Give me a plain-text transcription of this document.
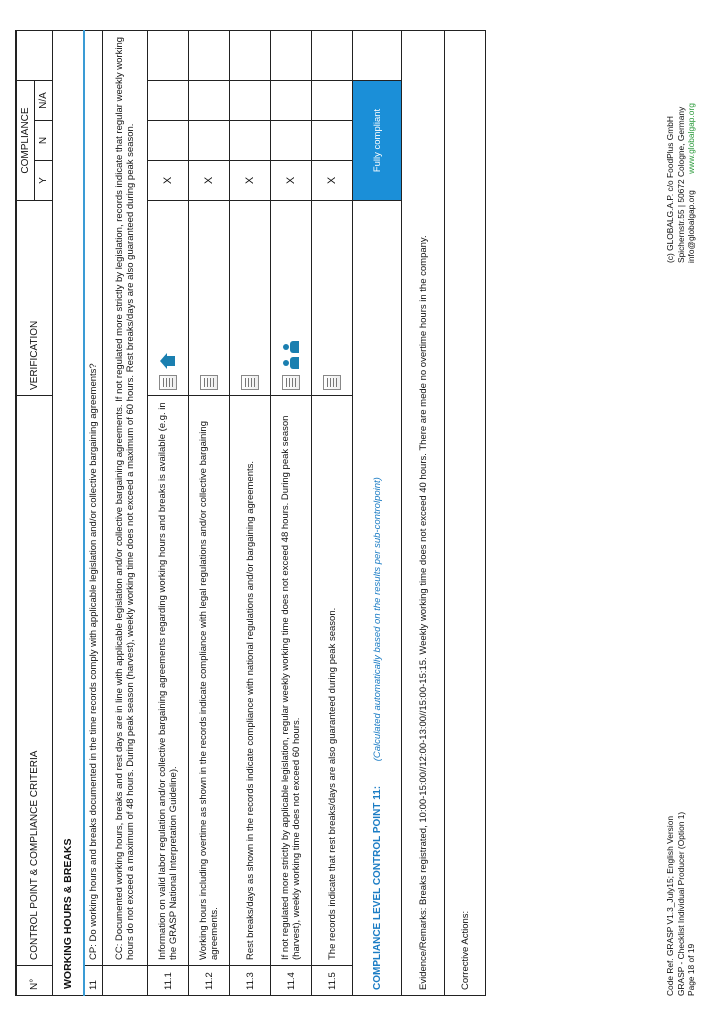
N°	CONTROL POINT & COMPLIANCE CRITERIA	VERIFICATION	COMPLIANCE			
			Y	N	N/A	
WORKING HOURS & BREAKS						
11	CP: Do working hours and breaks documented in the time records comply with applicable legislation and/or collective bargaining agreements?					
	CC: Documented working hours, breaks and rest days are in line with applicable legislation and/or collective bargaining agreements. If not regulated more strictly by legislation, records indicate that regular weekly working hours do not exceed a maximum of 48 hours. During peak season (harvest), weekly working time does not exceed a maximum of 60 hours. Rest breaks/days are also guaranteed during peak season.					
11.1	Information on valid labor regulation and/or collective bargaining agreements regarding working hours and breaks is available (e.g. in the GRASP National Interpretation Guideline).		X			
11.2	Working hours including overtime as shown in the records indicate compliance with legal regulations and/or collective bargaining agreements.		X			
11.3	Rest breaks/days as shown in the records indicate compliance with national regulations and/or bargaining agreements.		X			
11.4	If not regulated more strictly by applicable legislation, regular weekly working time does not exceed 48 hours. During peak season (harvest), weekly working time does not exceed 60 hours.		X			
11.5	The records indicate that rest breaks/days are also guaranteed during peak season.		X			
COMPLIANCE LEVEL CONTROL POINT 11: (Calculated automatically based on the results per sub-controlpoint)			Fully compliant			
Evidence/Remarks: Breaks registrated, 10:00-15:00//12:00-13:00//15:00-15:15. Weekly working time does not exceed 40 hours. There are mede no overtime hours in the company.						
Corrective Actions:							Code Ref. GRASP V1.3_July15; English Version GRASP - Checklist Individual Producer (Option 1) Page 18 of 19
(c) GLOBALG.A.P. c/o FoodPlus GmbH Spichernstr.55 | 50672 Cologne, Germany info@globalgap.org www.globalgap.org
